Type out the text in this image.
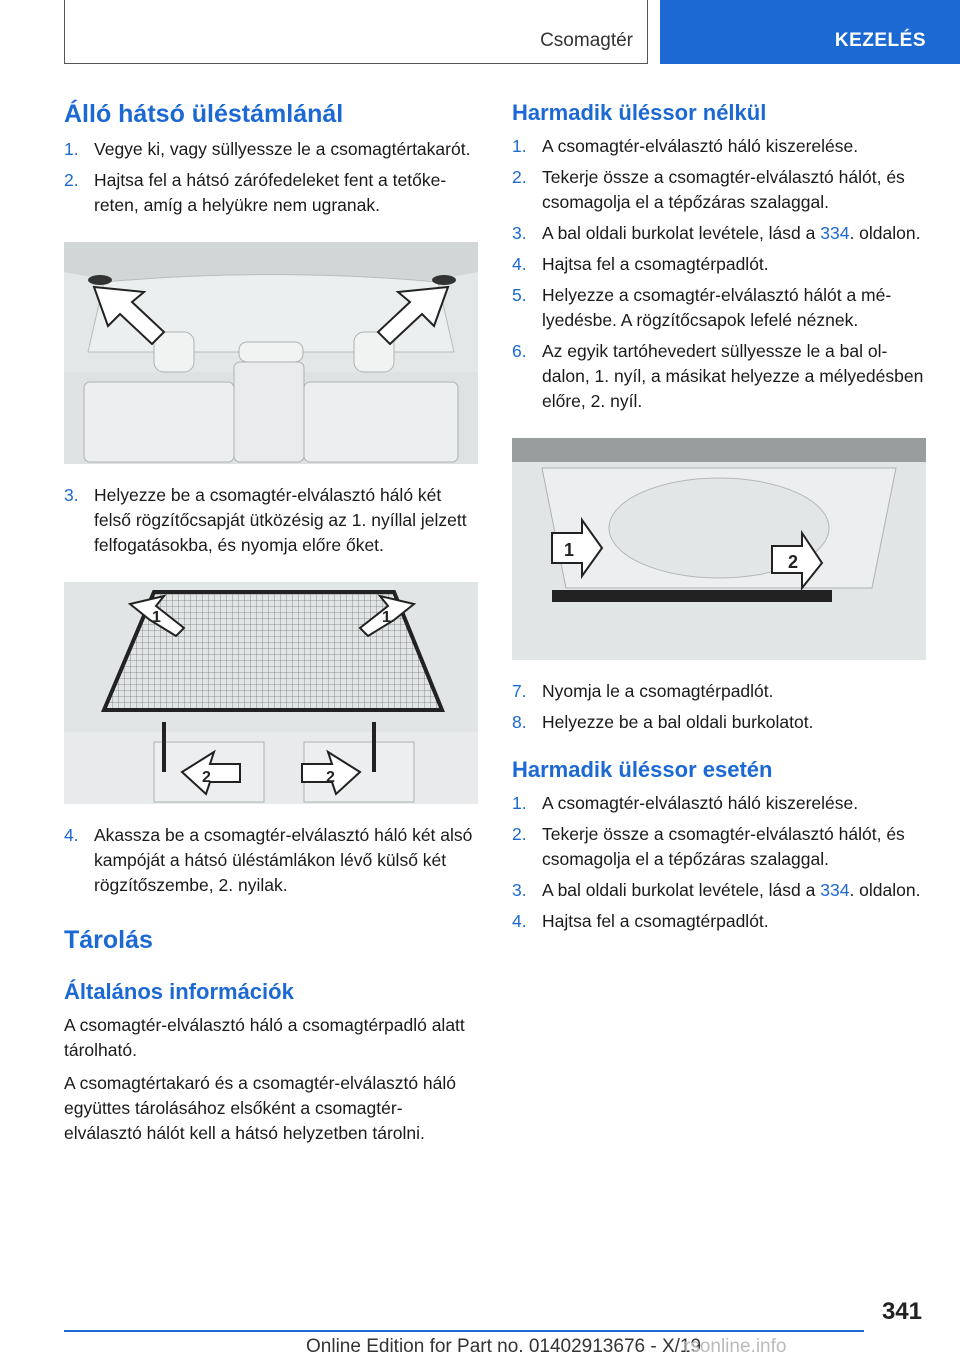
Csomagtér	KEZELÉS
Álló hátsó üléstámlánál
1. Vegye ki, vagy süllyessze le a csomagtértakarót.
2. Hajtsa fel a hátsó zárófedeleket fent a tetőkereten, amíg a helyükre nem ugranak.
3. Helyezze be a csomagtér-elválasztó háló két felső rögzítőcsapját ütközésig az 1. nyíllal jelzett felfogatásokba, és nyomja előre őket.
1	1
2	2
4. Akassza be a csomagtér-elválasztó háló két alsó kampóját a hátsó üléstámlákon lévő külső két rögzítőszembe, 2. nyilak.
Tárolás
Általános információk

A csomagtér-elválasztó háló a csomagtérpadló alatt tárolható.

A csomagtértakaró és a csomagtér-elválasztó háló együttes tárolásához elsőként a csomagtér-elválasztó hálót kell a hátsó helyzetben tárolni.

Harmadik üléssor nélkül
1. A csomagtér-elválasztó háló kiszerelése.
2. Tekerje össze a csomagtér-elválasztó hálót, és csomagolja el a tépőzáras szalaggal.
3. A bal oldali burkolat levétele, lásd a 334. oldalon.
4. Hajtsa fel a csomagtérpadlót.
5. Helyezze a csomagtér-elválasztó hálót a mélyedésbe. A rögzítőcsapok lefelé néznek.
6. Az egyik tartóhevedert süllyessze le a bal oldalon, 1. nyíl, a másikat helyezze a mélyedésben előre, 2. nyíl.
1
2
7. Nyomja le a csomagtérpadlót.
8. Helyezze be a bal oldali burkolatot.
Harmadik üléssor esetén
1. A csomagtér-elválasztó háló kiszerelése.
2. Tekerje össze a csomagtér-elválasztó hálót, és csomagolja el a tépőzáras szalaggal.
3. A bal oldali burkolat levétele, lásd a 334. oldalon.
4. Hajtsa fel a csomagtérpadlót.
341
Online Edition for Part no. 01402913676 - X/19
rsonline.info
